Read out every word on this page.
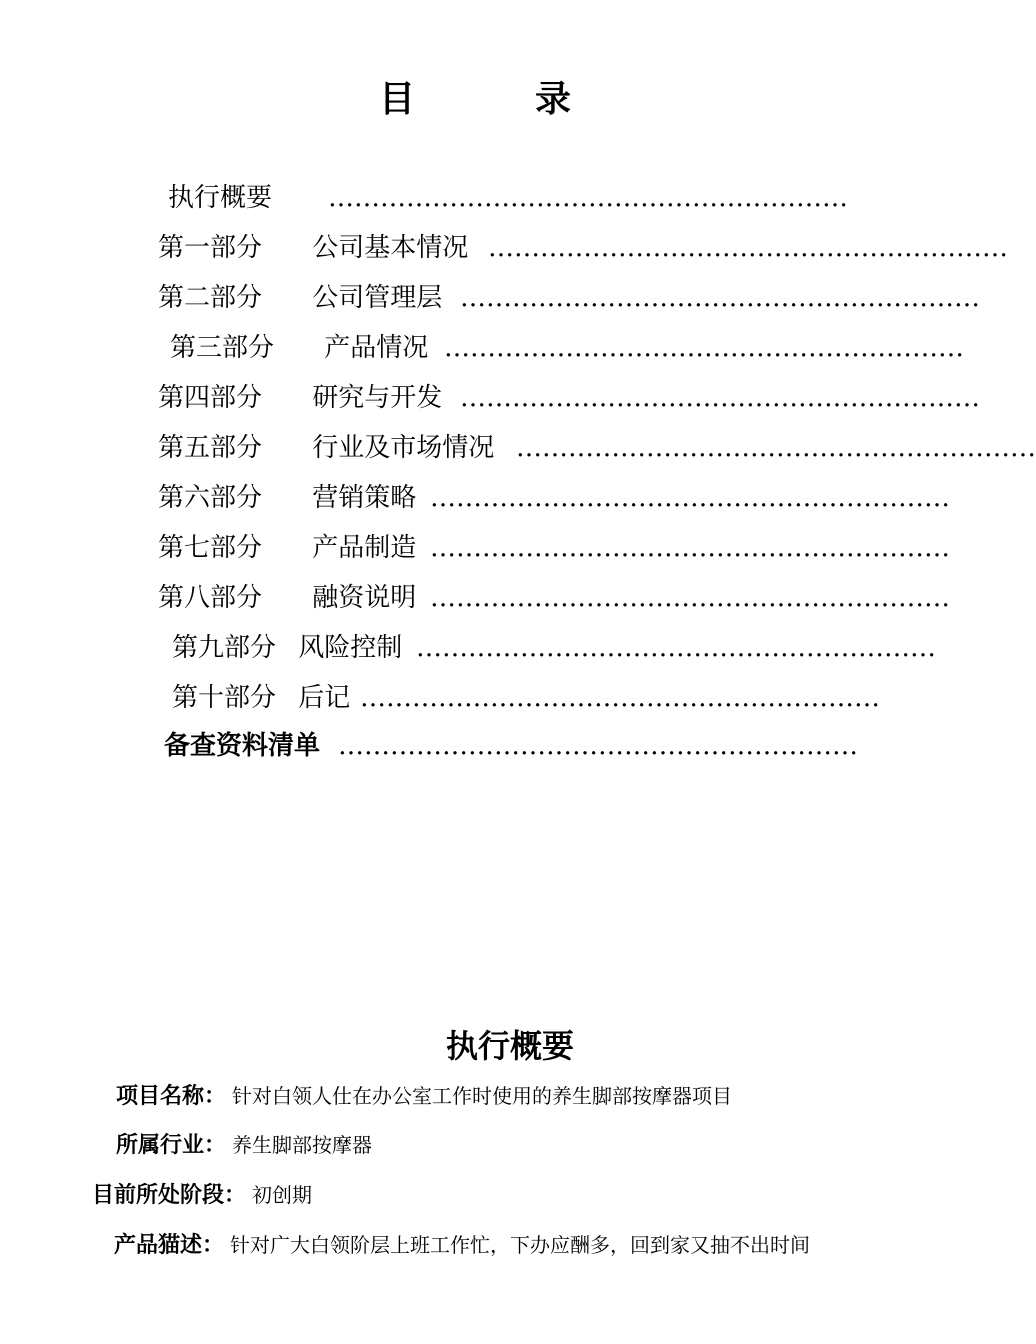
目	录
执行概要 ……………………………………………………
第一部分 公司基本情况 ……………………………………………………
第二部分 公司管理层 ……………………………………………………
第三部分 产品情况 ……………………………………………………
第四部分 研究与开发 ……………………………………………………
第五部分 行业及市场情况 ……………………………………………………
第六部分 营销策略 ……………………………………………………
第七部分 产品制造 ……………………………………………………
第八部分 融资说明 ……………………………………………………
第九部分 风险控制 ……………………………………………………
第十部分 后记 ……………………………………………………
备查资料清单 ……………………………………………………
执行概要
项目名称： 针对白领人仕在办公室工作时使用的养生脚部按摩器项目
所属行业： 养生脚部按摩器
目前所处阶段： 初创期
产品猫述： 针对广大白领阶层上班工作忙，下办应酬多，回到家又抽不出时间
